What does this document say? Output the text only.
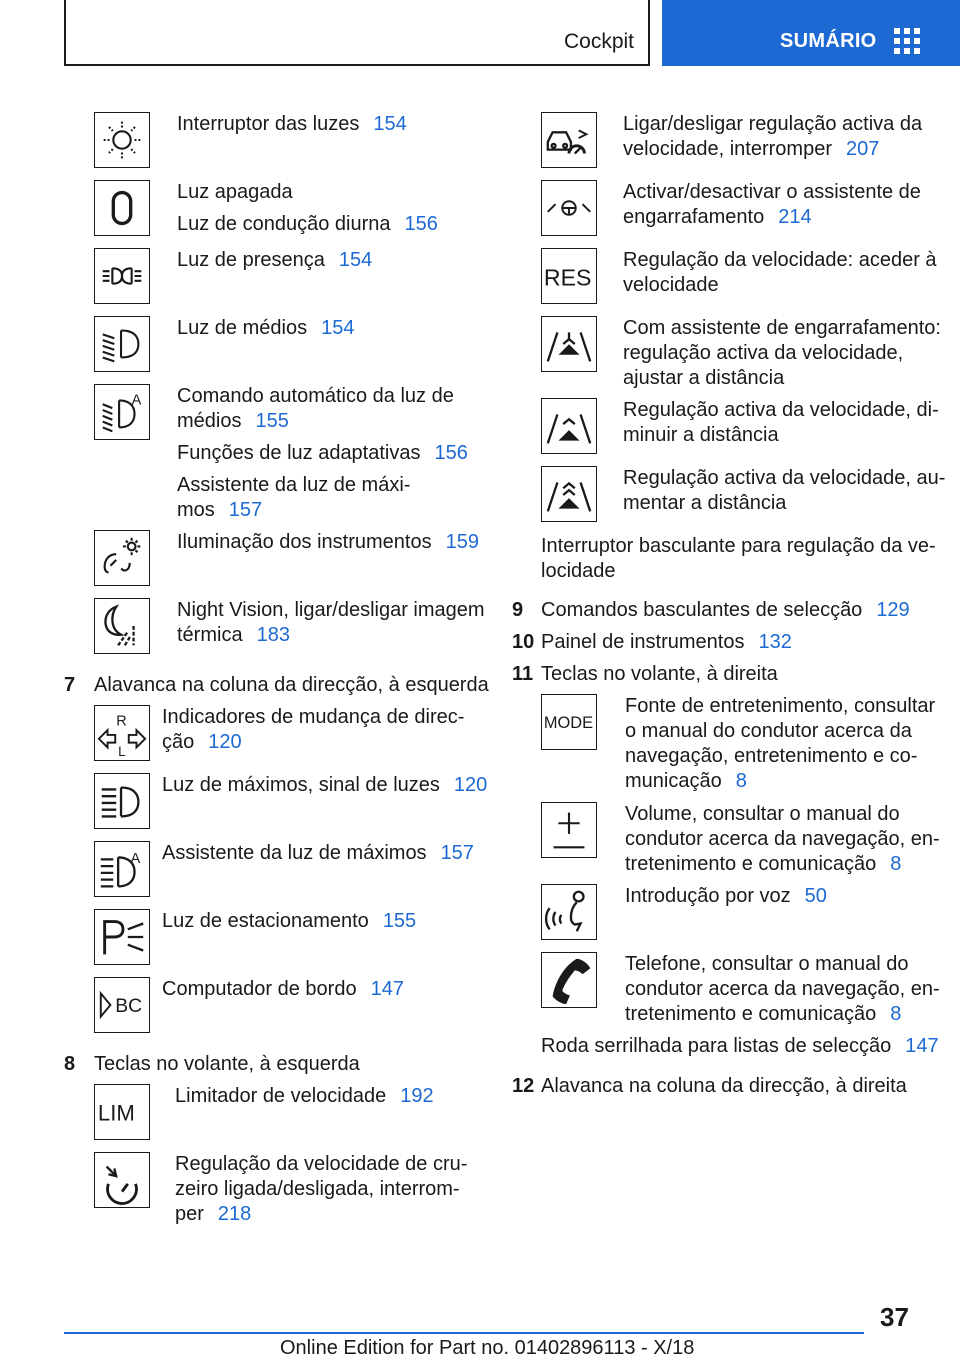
Cockpit	SUMÁRIO
Interruptor das luzes 154
Luz apagada
Luz de condução diurna 156
Luz de presença 154
Luz de médios 154
A Comando automático da luz de
médios 155
Funções de luz adaptativas 156
Assistente da luz de máxi-
mos 157
Iluminação dos instrumentos 159
Night Vision, ligar/desligar imagem
térmica 183
7 Alavanca na coluna da direcção, à esquerda
R
L
Indicadores de mudança de direc-
ção 120
Luz de máximos, sinal de luzes 120
A Assistente da luz de máximos 157
Luz de estacionamento 155
BC
Computador de bordo 147
8 Teclas no volante, à esquerda
LIM
Limitador de velocidade 192
Regulação da velocidade de cru-
zeiro ligada/desligada, interrom-
per 218
Ligar/desligar regulação activa da
velocidade, interromper 207
Activar/desactivar o assistente de
engarrafamento 214
RES
Regulação da velocidade: aceder à
velocidade
Com assistente de engarrafamento:
regulação activa da velocidade,
ajustar a distância
Regulação activa da velocidade, di-
minuir a distância
Regulação activa da velocidade, au-
mentar a distância
Interruptor basculante para regulação da ve-
locidade
9 Comandos basculantes de selecção 129
10 Painel de instrumentos 132
11 Teclas no volante, à direita
MODE
Fonte de entretenimento, consultar
o manual do condutor acerca da
navegação, entretenimento e co-
municação 8
Volume, consultar o manual do
condutor acerca da navegação, en-
tretenimento e comunicação 8
Introdução por voz 50
Telefone, consultar o manual do
condutor acerca da navegação, en-
tretenimento e comunicação 8
Roda serrilhada para listas de selecção 147
12 Alavanca na coluna da direcção, à direita
37
Online Edition for Part no. 01402896113 - X/18
